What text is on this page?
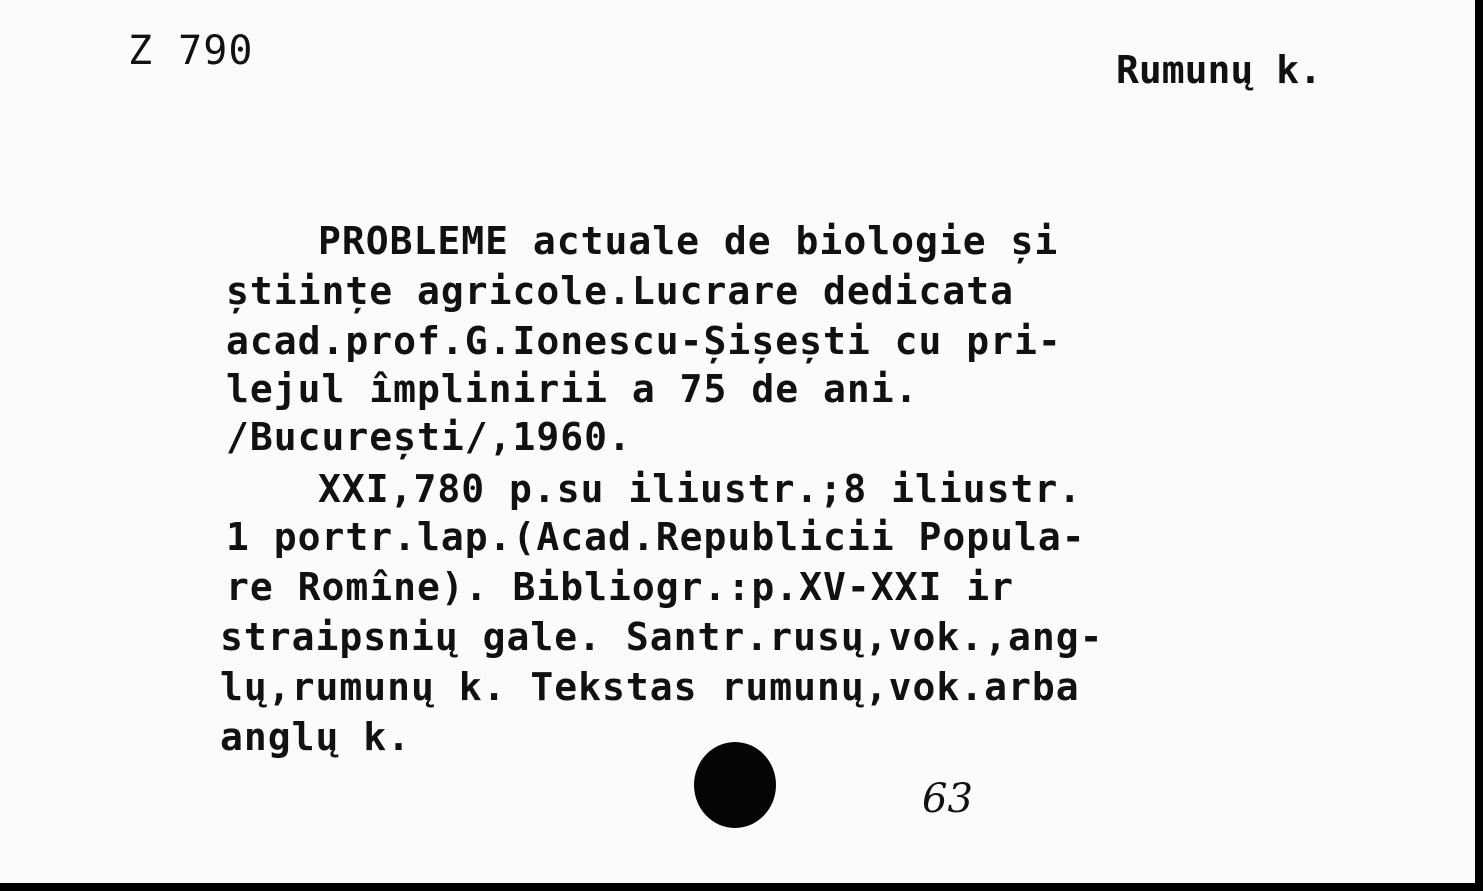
Z 790	Rumunų k.
PROBLEME actuale de biologie și
științe agricole.Lucrare dedicata
acad.prof.G.Ionescu-Șișești cu pri-
lejul împlinirii a 75 de ani.
/București/,1960.
XXI,780 p.su iliustr.;8 iliustr.
1 portr.lap.(Acad.Republicii Popula-
re Romîne). Bibliogr.:p.XV-XXI ir
straipsnių gale. Santr.rusų,vok.,ang-
lų,rumunų k. Tekstas rumunų,vok.arba
anglų k.
63
